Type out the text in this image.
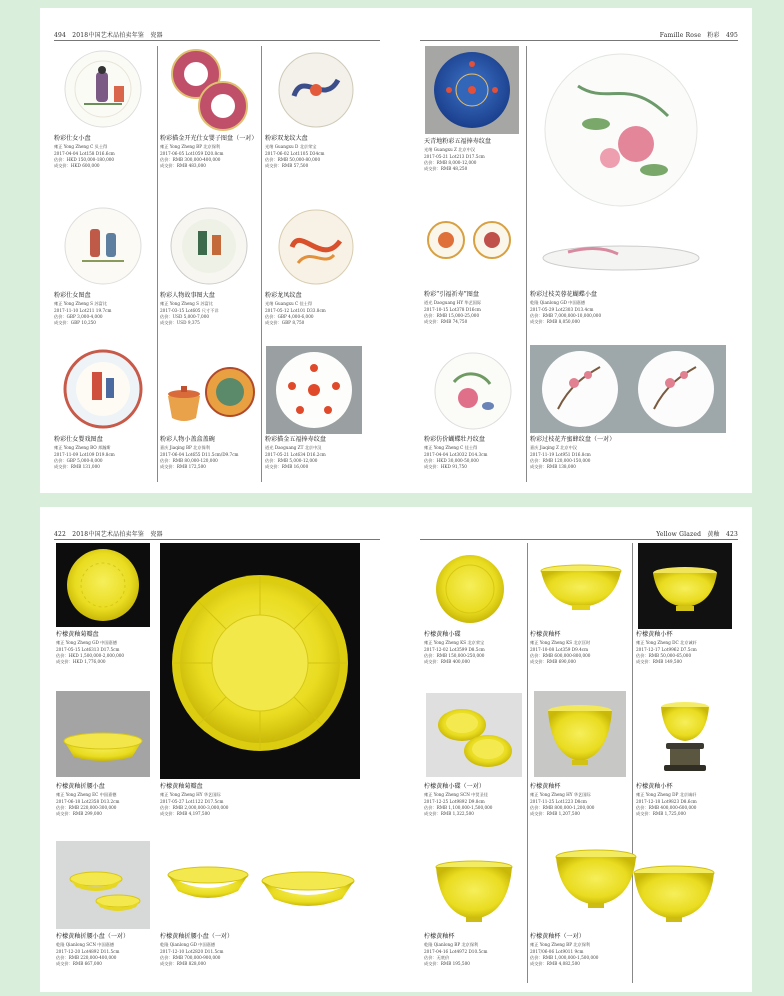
494　2018中国艺术品拍卖年鉴　瓷器	Famille Rose　粉彩　495
粉彩仕女小盘
雍正 Yong Zheng C 贝士得
2017-04-04 Lot158 D16.6cm
估价：HKD 150,000-180,000
成交价：HKD 600,000
粉彩描金开光仕女婴子图盘（一对）
雍正 Yong Zheng BP 北京保利
2017-06-05 Lot1059 D20.8cm
估价：RMB 300,000-400,000
成交价：RMB 483,000
粉彩双龙纹大盘
光绪 Guangxu D 北京荣宝
2017-06-02 Lot1105 D34cm
估价：RMB 50,000-80,000
成交价：RMB 57,500
粉彩仕女图盘
雍正 Yong Zheng S 苏富比
2017-11-10 Lot211 19.7cm
估价：GBP 3,000-4,000
成交价：GBP 10,250
粉彩人物故事图大盘
雍正 Yong Zheng S 苏富比
2017-03-15 Lot605 尺寸不详
估价：USD 5,000-7,000
成交价：USD 9,375
粉彩龙凤纹盘
光绪 Guangxu C 佳士得
2017-05-12 Lot101 D33.8cm
估价：GBP 4,000-6,000
成交价：GBP 8,750
粉彩仕女婴戏图盘
雍正 Yong Zheng BO 邦瀚斯
2017-11-09 Lot109 D19.8cm
估价：GBP 5,000-8,000
成交价：RMB 131,000
粉彩人物小盖盒盖碗
嘉庆 Jiaqing BP 北京保利
2017-06-04 Lot655 D11.5cm/D9.7cm
估价：RMB 80,000-120,000
成交价：RMB 172,500
粉彩描金五福捧寿纹盘
道光 Daoguang ZT 北京中汉
2017-05-21 Lot634 D16.2cm
估价：RMB 5,000-12,000
成交价：RMB 16,000
天青地粉彩五福捧寿纹盘
光绪 Guangxu Z 北京中汉
2017-05-21 Lot213 D17.5cm
估价：RMB 8,000-12,000
成交价：RMB 48,250
粉彩“引福祈寿”图盘
道光 Daoguang HY 华艺国际
2017-10-15 Lot378 D16cm
估价：RMB 15,000-25,000
成交价：RMB 74,750
粉彩过枝芙蓉花蝴蝶小盘
乾隆 Qianlong GD 中国嘉德
2017-05-29 Lot2303 D13.4cm
估价：RMB 7,000,000-10,000,000
成交价：RMB 8,050,000
粉彩仿价蝴蝶牡丹纹盘
雍正 Yong Zheng C 佳士得
2017-04-04 Lot3032 D14.3cm
估价：HKD 30,000-50,000
成交价：HKD 91,750
粉彩过枝花卉蜜蜂纹盘（一对）
嘉庆 Jiaqing Z 北京中汉
2017-11-19 Lot951 D16.8cm
估价：RMB 120,000-150,000
成交价：RMB 138,000
422　2018中国艺术品拍卖年鉴　瓷器	Yellow Glazed　黄釉　423
柠檬黄釉菊瓣盘
雍正 Yong Zheng GD 中国嘉德
2017-05-15 Lot6313 D17.5cm
估价：HKD 1,500,000-2,000,000
成交价：HKD 1,776,000
柠檬黄釉折腰小盘
雍正 Yong Zheng EC 中国嘉德
2017-06-18 Lot2358 D13.2cm
估价：RMB 220,000-300,000
成交价：RMB 299,000
柠檬黄釉菊瓣盘
雍正 Yong Zheng HY 华艺国际
2017-05-27 Lot1122 D17.5cm
估价：RMB 2,000,000-3,000,000
成交价：RMB 4,197,500
柠檬黄釉折腰小盘（一对）
乾隆 Qianlong SCN 中国嘉德
2017-12-20 Lot4892 D11.5cm
估价：RMB 220,000-400,000
成交价：RMB 667,000
柠檬黄釉折腰小盘（一对）
乾隆 Qianlong GD 中国嘉德
2017-12-10 Lot2820 D11.5cm
估价：RMB 700,000-900,000
成交价：RMB 828,000
柠檬黄釉小碟
雍正 Yong Zheng KS 北京荣宝
2017-12-02 Lot3599 D8.5cm
估价：RMB 150,000-250,000
成交价：RMB 400,000
柠檬黄釉杯
雍正 Yong Zheng KS 北京匡时
2017-10-08 Lot359 D9.4cm
估价：RMB 600,000-800,000
成交价：RMB 690,000
柠檬黄釉小杯
雍正 Yong Zheng DC 北京诚轩
2017-12-17 Lot9962 D7.5cm
估价：RMB 50,000-65,000
成交价：RMB 149,500
柠檬黄釉小碟（一对）
雍正 Yong Zheng SCN 中贸圣佳
2017-12-25 Lot9892 D9.8cm
估价：RMB 1,100,000-1,500,000
成交价：RMB 1,322,500
柠檬黄釉杯
雍正 Yong Zheng HY 华艺国际
2017-11-25 Lot1223 D8cm
估价：RMB 800,000-1,200,000
成交价：RMB 1,207,500
柠檬黄釉小杯
雍正 Yong Zheng DP 北京诚轩
2017-12-18 Lot9823 D8.6cm
估价：RMB 400,000-600,000
成交价：RMB 1,725,000
柠檬黄釉杯
乾隆 Qianlong BP 北京保利
2017-04-16 Lot4972 D10.5cm
估价：无底价
成交价：RMB 195,500
柠檬黄釉杯（一对）
雍正 Yong Zheng BP 北京保利
2017/06-06 Lot9011 9cm
估价：RMB 1,000,000-1,500,000
成交价：RMB 4,082,500
